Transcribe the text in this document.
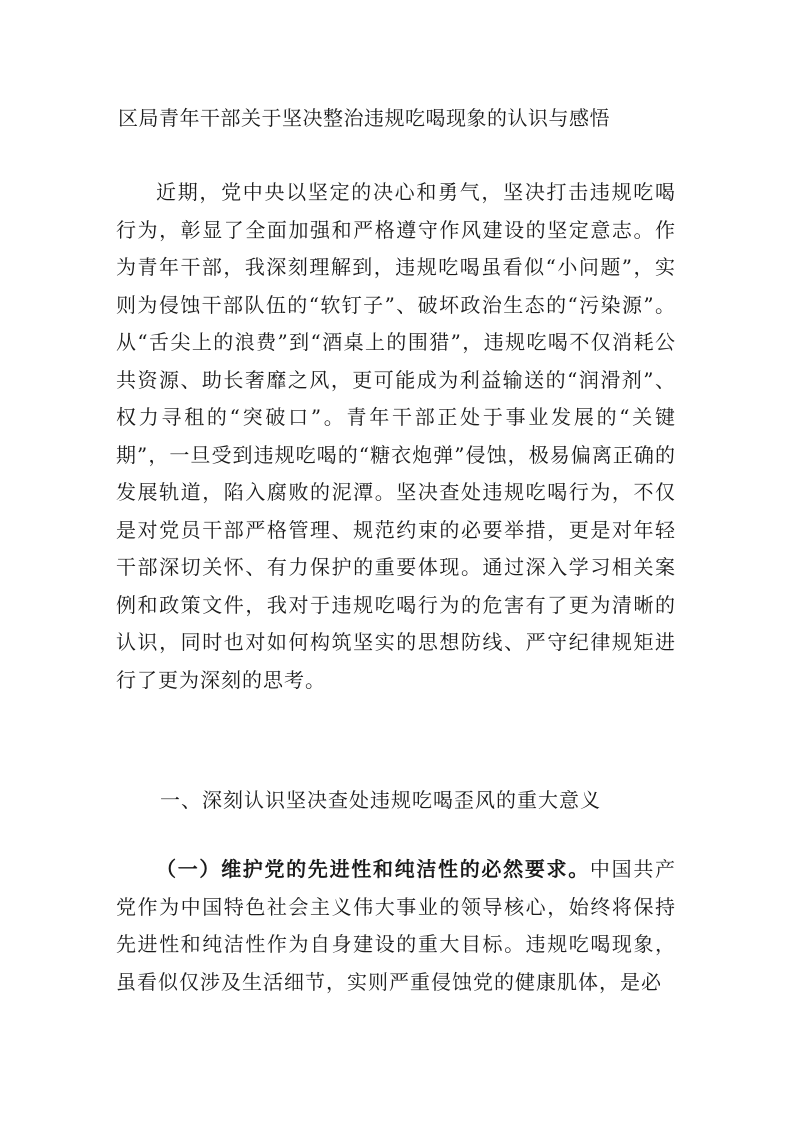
区局青年干部关于坚决整治违规吃喝现象的认识与感悟
近期，党中央以坚定的决心和勇气，坚决打击违规吃喝行为，彰显了全面加强和严格遵守作风建设的坚定意志。作为青年干部，我深刻理解到，违规吃喝虽看似“小问题”，实则为侵蚀干部队伍的“软钉子”、破坏政治生态的“污染源”。从“舌尖上的浪费”到“酒桌上的围猎”，违规吃喝不仅消耗公共资源、助长奢靡之风，更可能成为利益输送的“润滑剂”、权力寻租的“突破口”。青年干部正处于事业发展的“关键期”，一旦受到违规吃喝的“糖衣炮弹”侵蚀，极易偏离正确的发展轨道，陷入腐败的泥潭。坚决查处违规吃喝行为，不仅是对党员干部严格管理、规范约束的必要举措，更是对年轻干部深切关怀、有力保护的重要体现。通过深入学习相关案例和政策文件，我对于违规吃喝行为的危害有了更为清晰的认识，同时也对如何构筑坚实的思想防线、严守纪律规矩进行了更为深刻的思考。
一、深刻认识坚决查处违规吃喝歪风的重大意义
（一）维护党的先进性和纯洁性的必然要求。中国共产党作为中国特色社会主义伟大事业的领导核心，始终将保持先进性和纯洁性作为自身建设的重大目标。违规吃喝现象，虽看似仅涉及生活细节，实则严重侵蚀党的健康肌体，是必
